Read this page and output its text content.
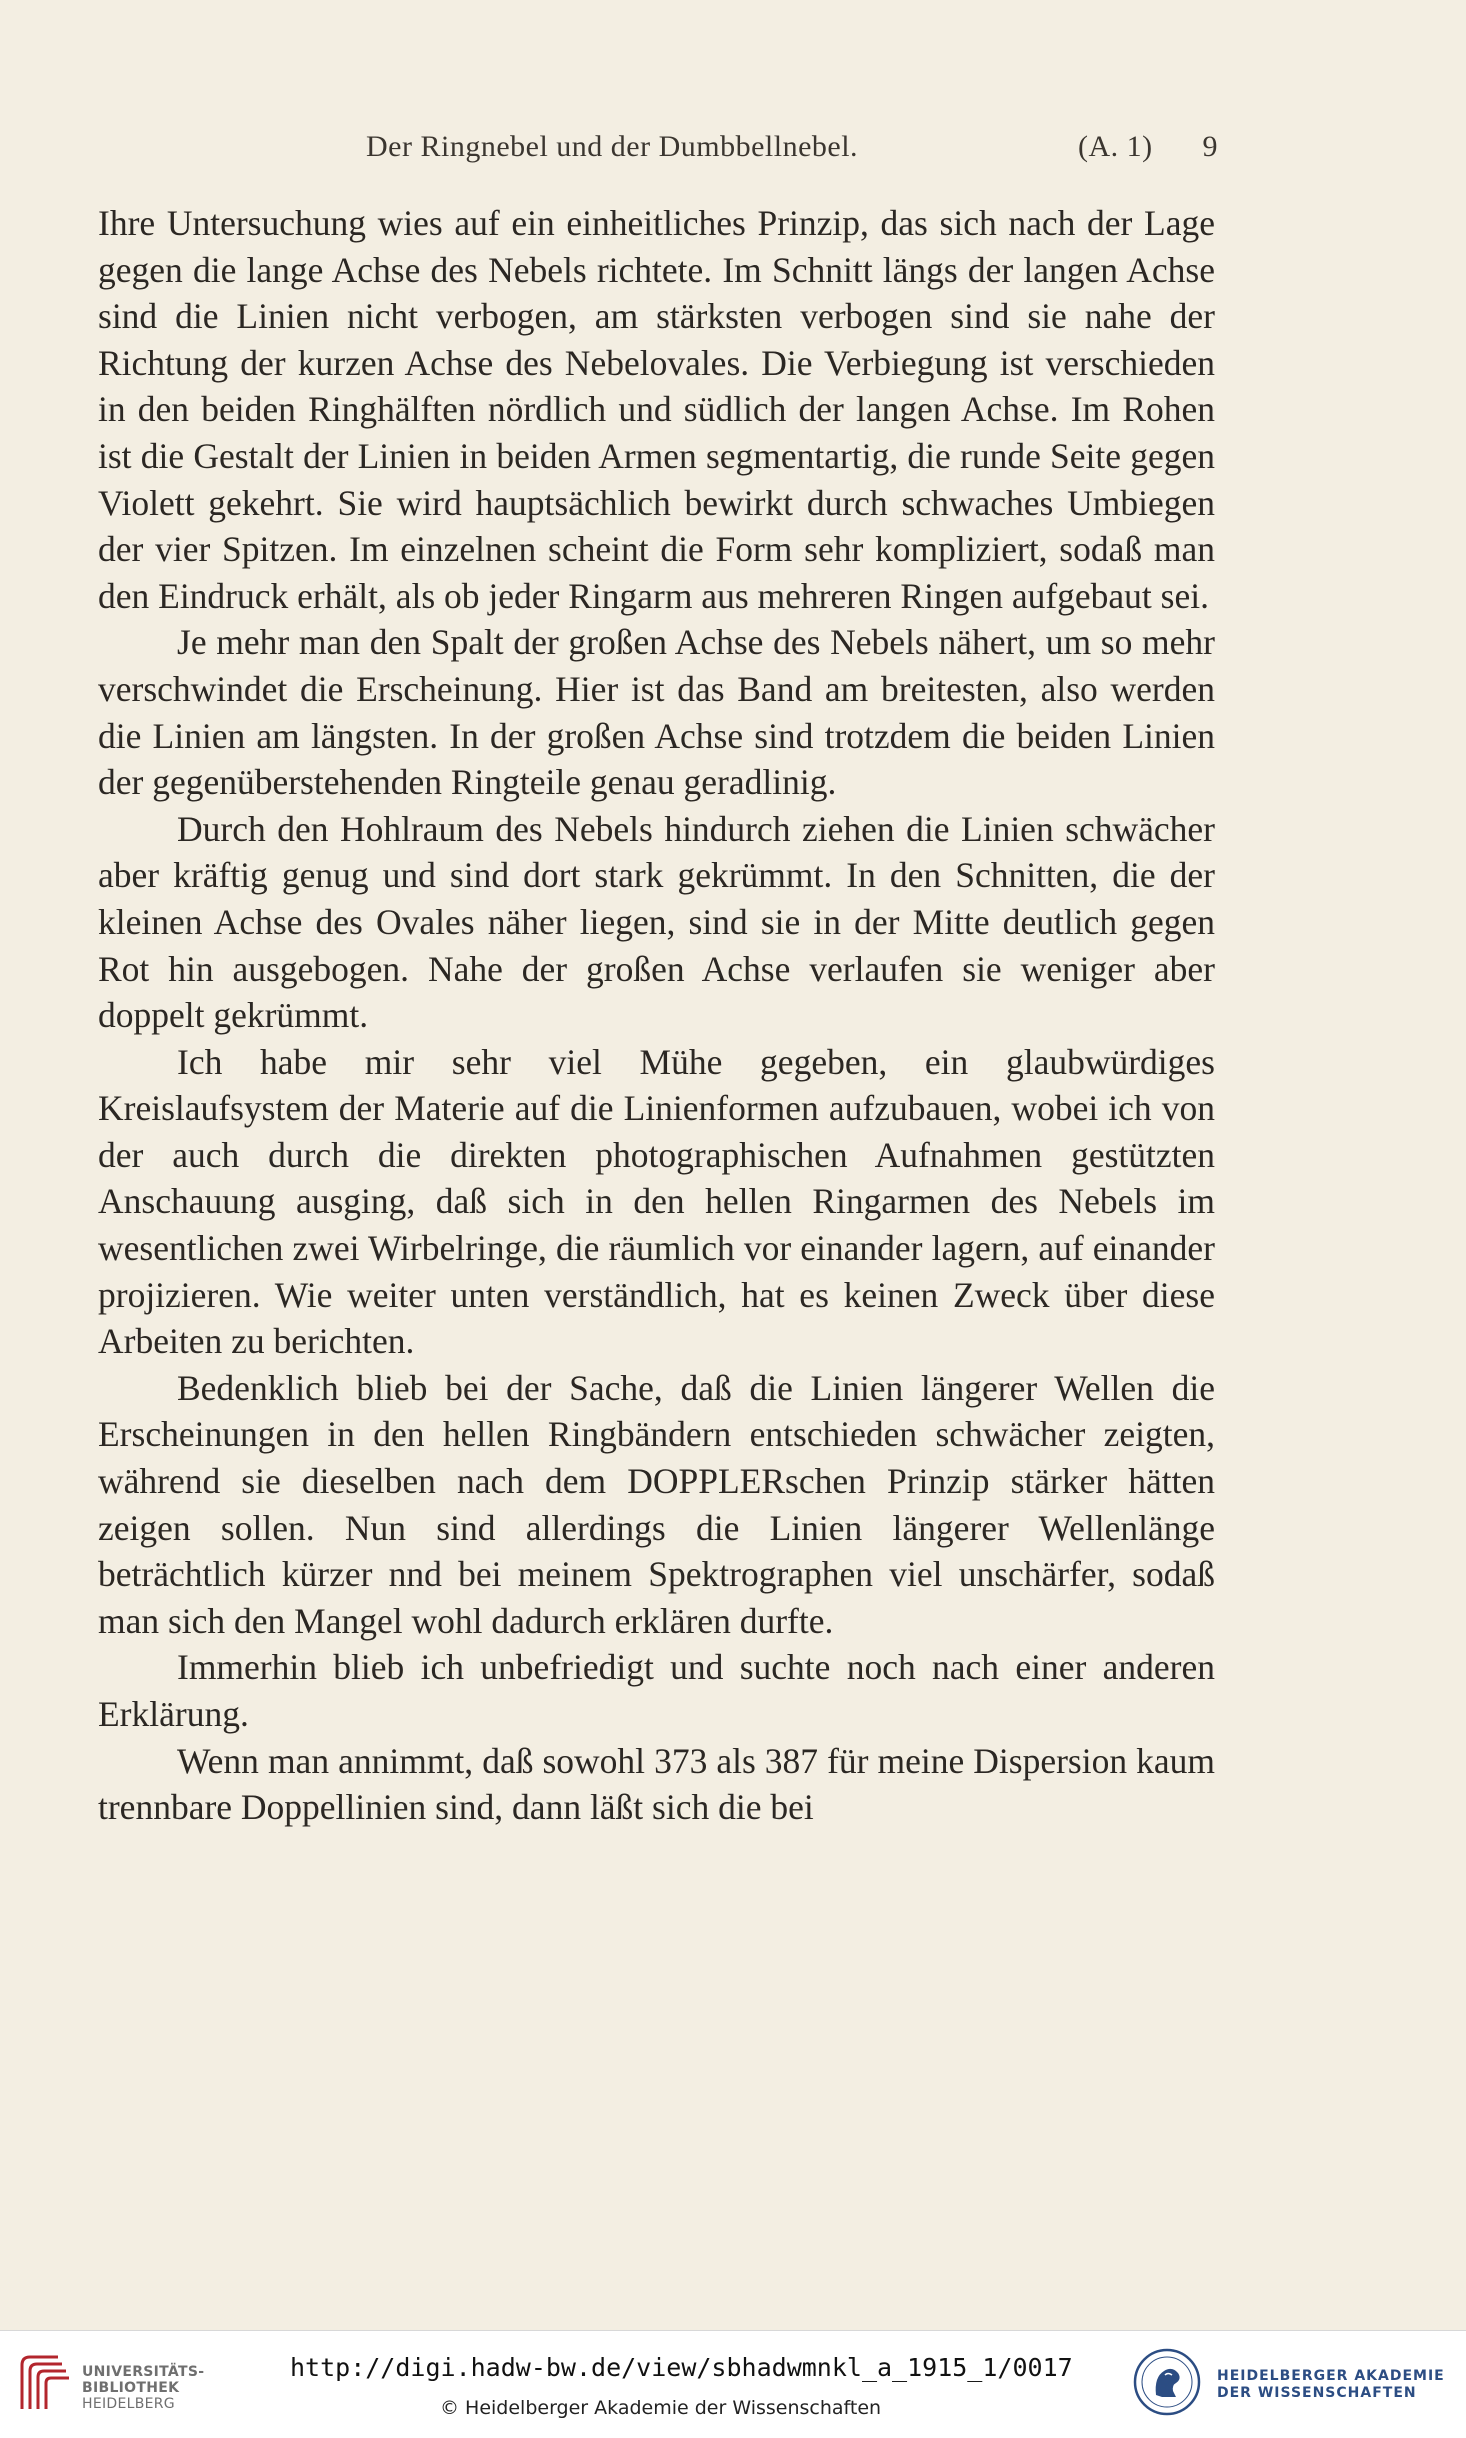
Der Ringnebel und der Dumbbellnebel.	(A. 1) 9

Ihre Untersuchung wies auf ein einheitliches Prinzip, das sich nach der Lage gegen die lange Achse des Nebels richtete. Im Schnitt längs der langen Achse sind die Linien nicht verbogen, am stärksten verbogen sind sie nahe der Richtung der kurzen Achse des Nebelovales. Die Verbiegung ist verschieden in den beiden Ringhälften nördlich und südlich der langen Achse. Im Rohen ist die Gestalt der Linien in beiden Armen segmentartig, die runde Seite gegen Violett gekehrt. Sie wird hauptsächlich bewirkt durch schwaches Umbiegen der vier Spitzen. Im einzelnen scheint die Form sehr kompliziert, sodaß man den Eindruck erhält, als ob jeder Ringarm aus mehreren Ringen aufgebaut sei.

Je mehr man den Spalt der großen Achse des Nebels nähert, um so mehr verschwindet die Erscheinung. Hier ist das Band am breitesten, also werden die Linien am längsten. In der großen Achse sind trotzdem die beiden Linien der gegenüberstehenden Ringteile genau geradlinig.

Durch den Hohlraum des Nebels hindurch ziehen die Linien schwächer aber kräftig genug und sind dort stark gekrümmt. In den Schnitten, die der kleinen Achse des Ovales näher liegen, sind sie in der Mitte deutlich gegen Rot hin ausgebogen. Nahe der großen Achse verlaufen sie weniger aber doppelt gekrümmt.

Ich habe mir sehr viel Mühe gegeben, ein glaubwürdiges Kreislaufsystem der Materie auf die Linienformen aufzubauen, wobei ich von der auch durch die direkten photographischen Aufnahmen gestützten Anschauung ausging, daß sich in den hellen Ringarmen des Nebels im wesentlichen zwei Wirbelringe, die räumlich vor einander lagern, auf einander projizieren. Wie weiter unten verständlich, hat es keinen Zweck über diese Arbeiten zu berichten.

Bedenklich blieb bei der Sache, daß die Linien längerer Wellen die Erscheinungen in den hellen Ringbändern entschieden schwächer zeigten, während sie dieselben nach dem DOPPLERschen Prinzip stärker hätten zeigen sollen. Nun sind allerdings die Linien längerer Wellenlänge beträchtlich kürzer nnd bei meinem Spektrographen viel unschärfer, sodaß man sich den Mangel wohl dadurch erklären durfte.

Immerhin blieb ich unbefriedigt und suchte noch nach einer anderen Erklärung.

Wenn man annimmt, daß sowohl 373 als 387 für meine Dispersion kaum trennbare Doppellinien sind, dann läßt sich die bei

UNIVERSITÄTS-
BIBLIOTHEK
HEIDELBERG
http://digi.hadw-bw.de/view/sbhadwmnkl_a_1915_1/0017
© Heidelberger Akademie der Wissenschaften
HEIDELBERGER AKADEMIE
DER WISSENSCHAFTEN
